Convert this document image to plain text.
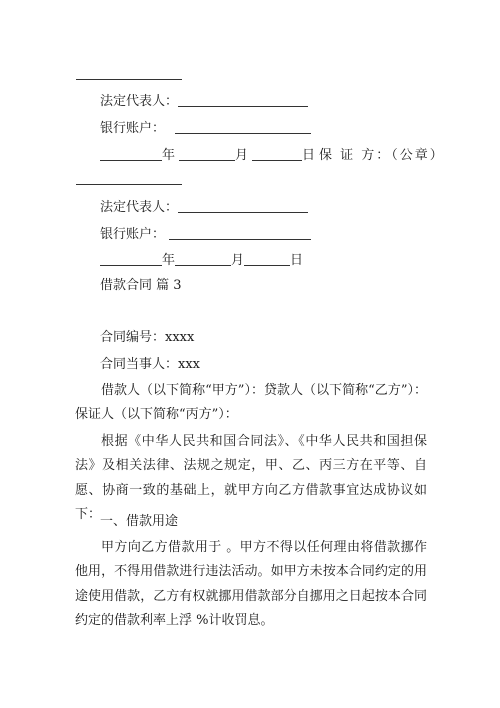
法定代表人：
银行账户：
年	月	日 保 证 方：（公章）
法定代表人：
银行账户：
年	月	日
借款合同 篇 3
合同编号：xxxx
合同当事人：xxx
借款人（以下简称“甲方”）：贷款人（以下简称“乙方”）：保证人（以下简称“丙方”）：
根据《中华人民共和国合同法》、《中华人民共和国担保法》及相关法律、法规之规定，甲、乙、丙三方在平等、自愿、协商一致的基础上，就甲方向乙方借款事宜达成协议如下：
一、借款用途
甲方向乙方借款用于 。甲方不得以任何理由将借款挪作他用，不得用借款进行违法活动。如甲方未按本合同约定的用途使用借款，乙方有权就挪用借款部分自挪用之日起按本合同约定的借款利率上浮 %计收罚息。
